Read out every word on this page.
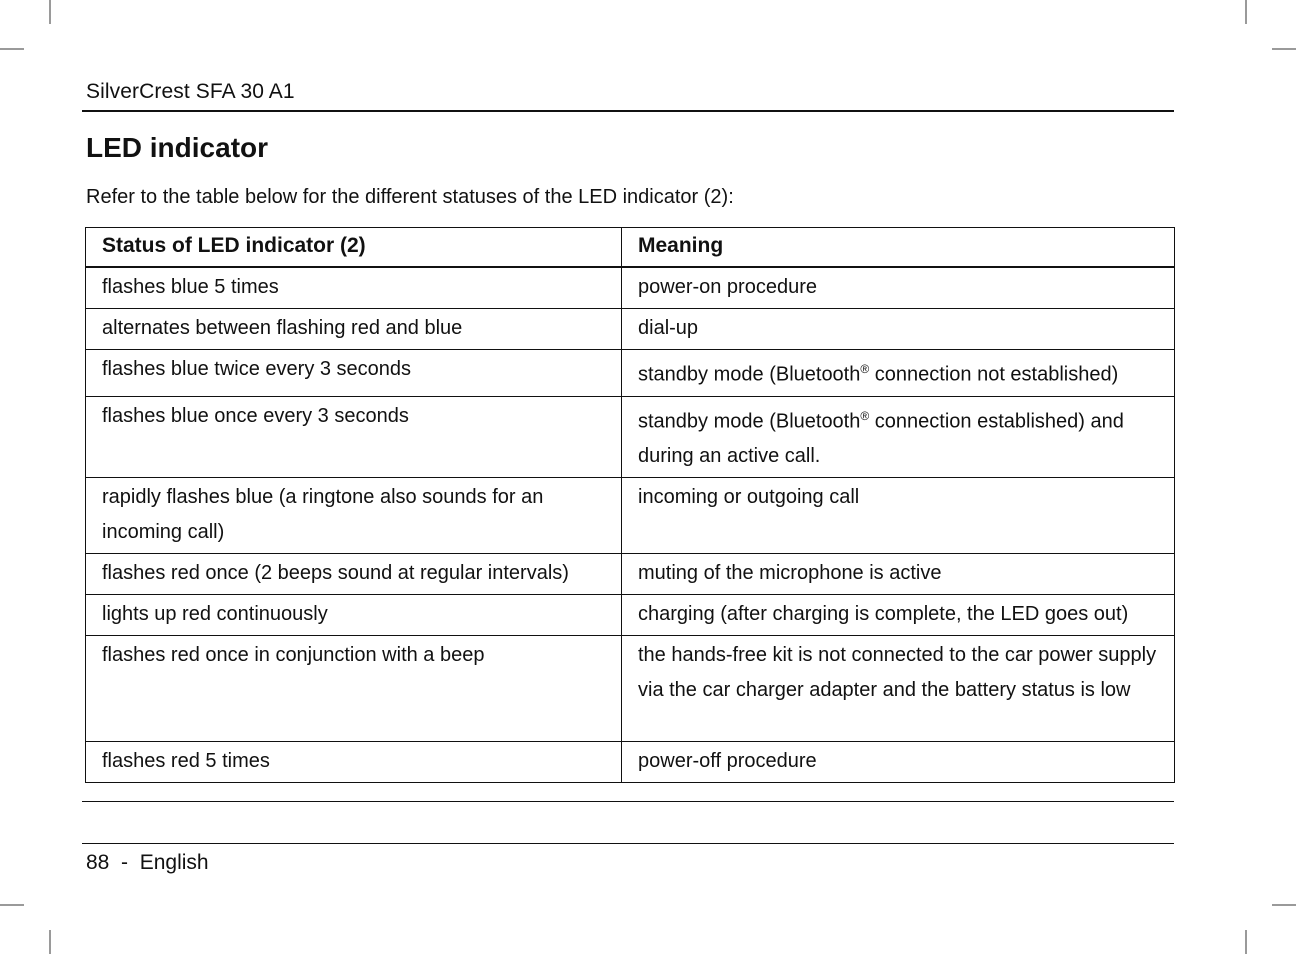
SilverCrest SFA 30 A1
LED indicator

Refer to the table below for the different statuses of the LED indicator (2):

Status of LED indicator (2)	Meaning
flashes blue 5 times	power-on procedure
alternates between flashing red and blue	dial-up
flashes blue twice every 3 seconds	standby mode (Bluetooth® connection not established)
flashes blue once every 3 seconds	standby mode (Bluetooth® connection established) and during an active call.
rapidly flashes blue (a ringtone also sounds for an incoming call)	incoming or outgoing call
flashes red once (2 beeps sound at regular intervals)	muting of the microphone is active
lights up red continuously	charging (after charging is complete, the LED goes out)
flashes red once in conjunction with a beep	the hands-free kit is not connected to the car power supply via the car charger adapter and the battery status is low
flashes red 5 times	power-off procedure
88 - English
